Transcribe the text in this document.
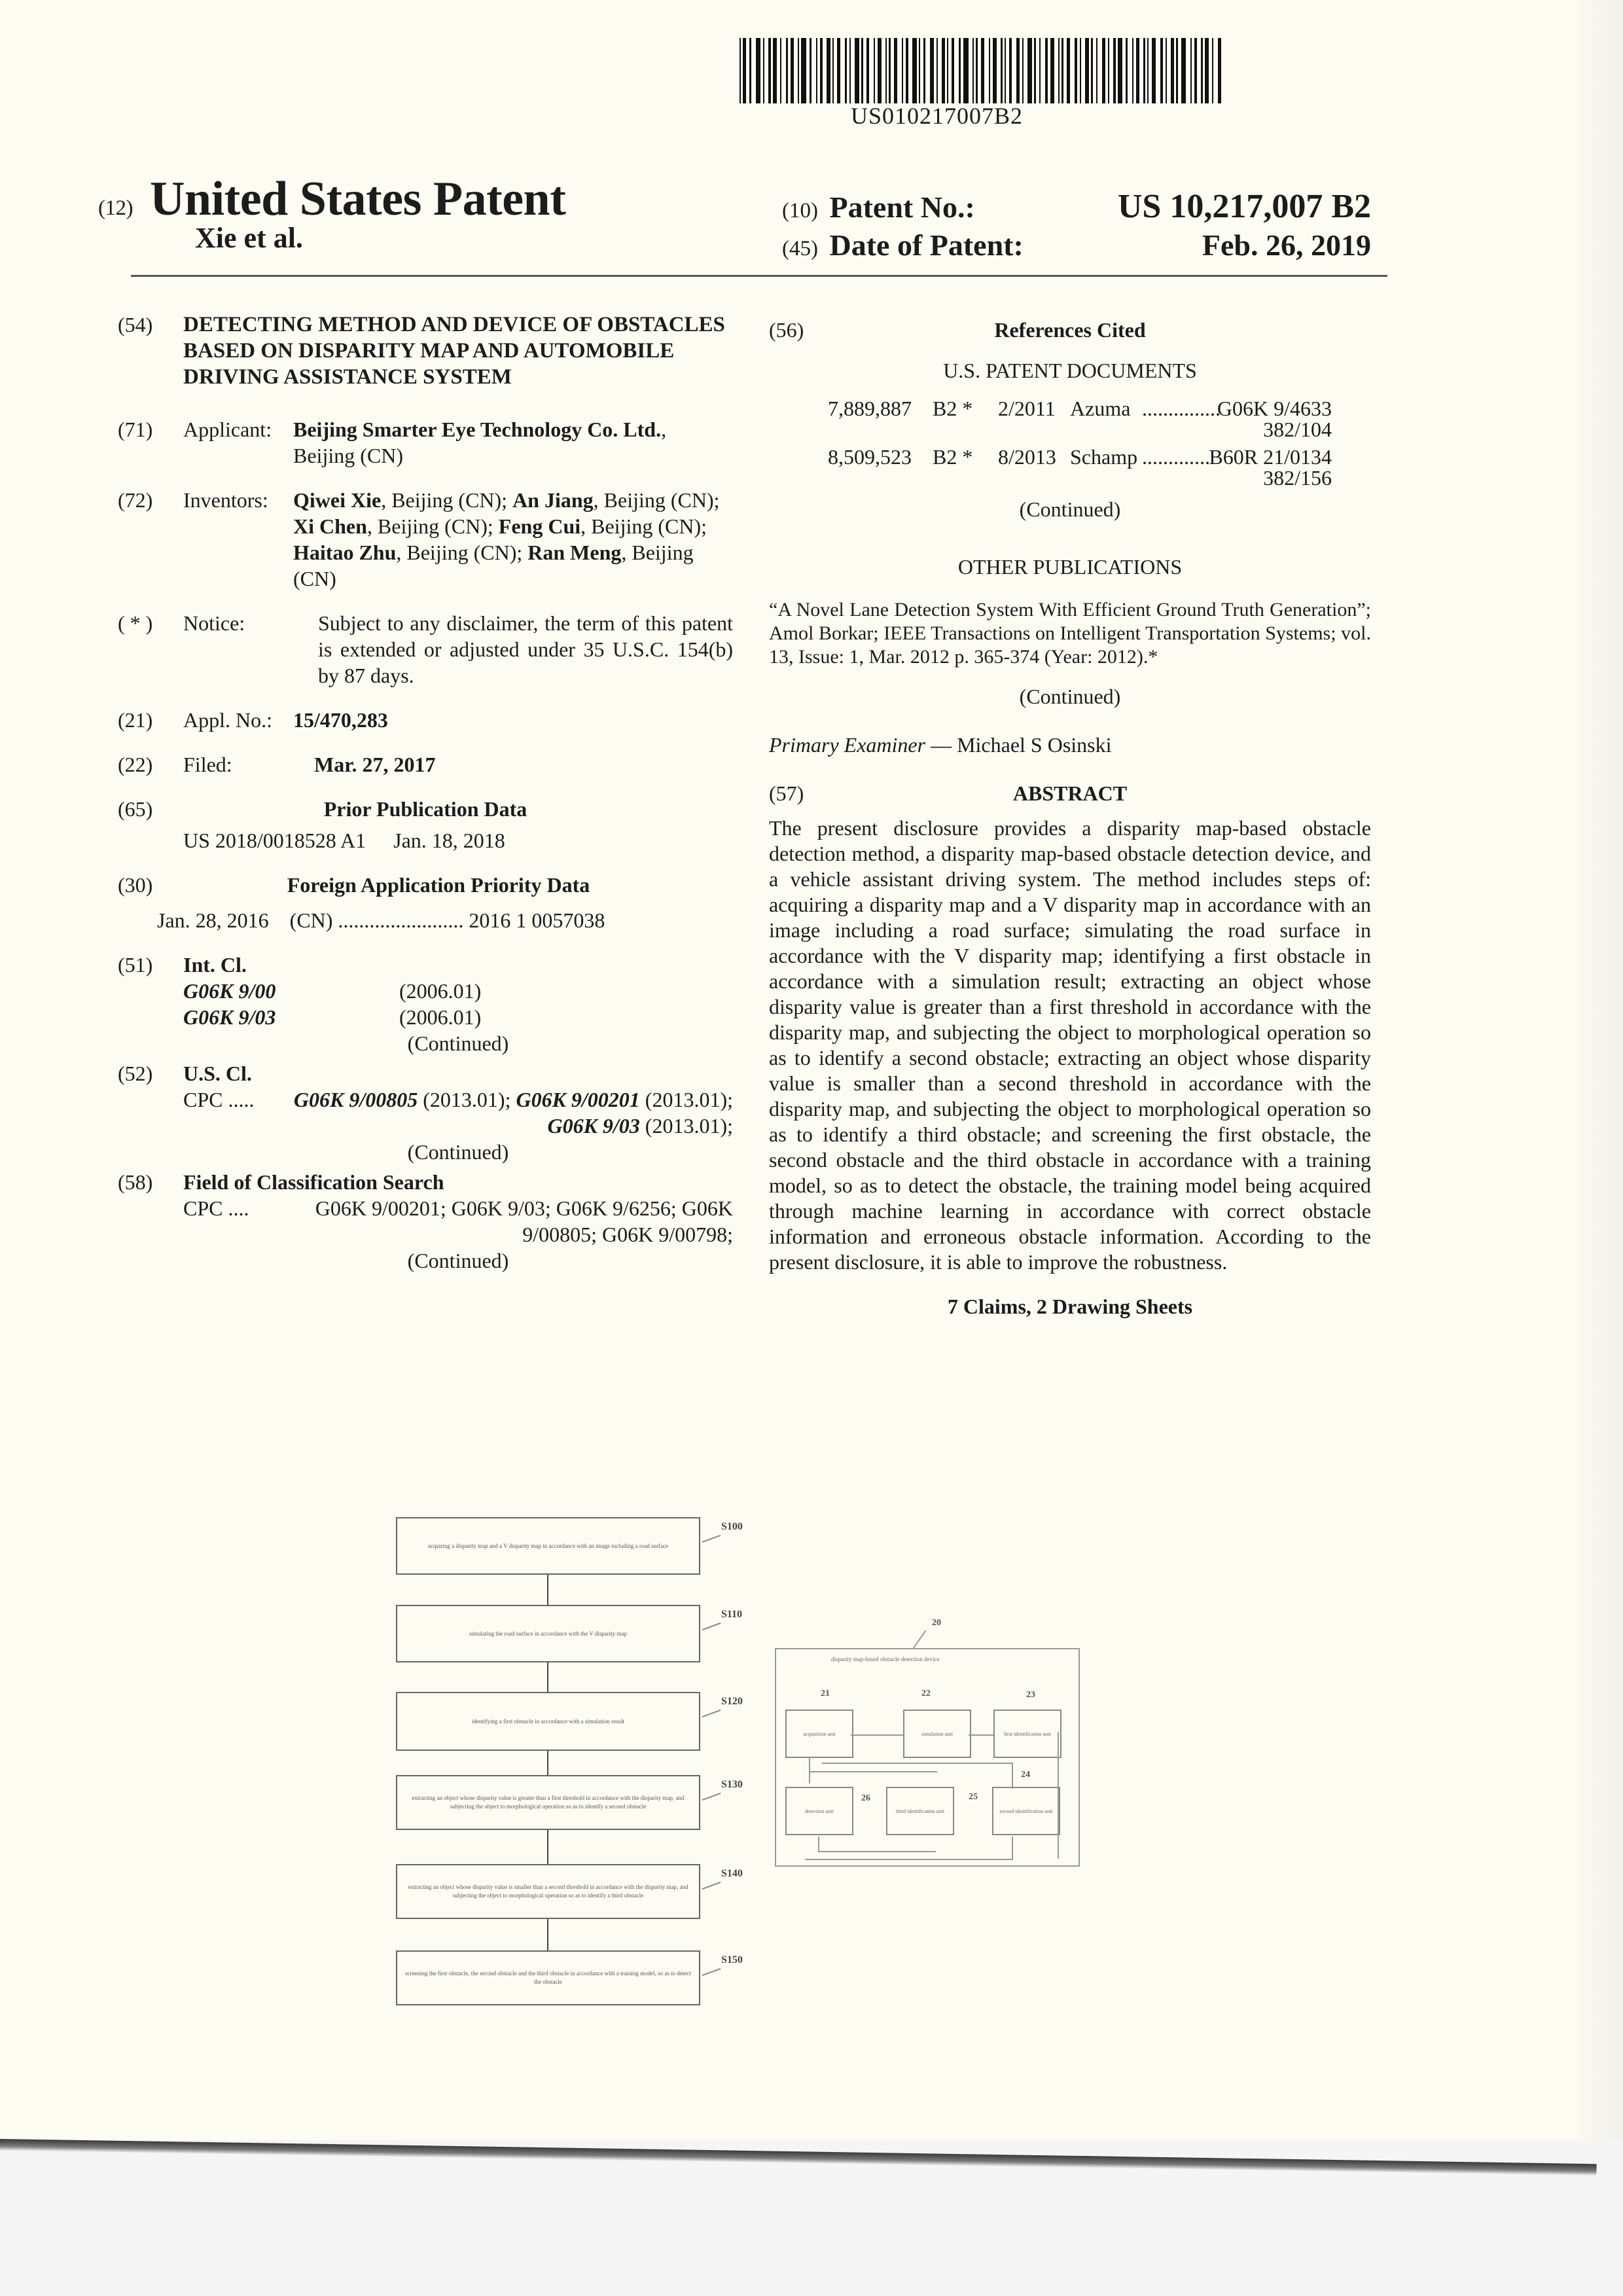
US010217007B2
(12) United States Patent
Xie et al.
(10) Patent No.:	US 10,217,007 B2
(45) Date of Patent:	Feb. 26, 2019
(54)	DETECTING METHOD AND DEVICE OF OBSTACLES BASED ON DISPARITY MAP AND AUTOMOBILE DRIVING ASSISTANCE SYSTEM
(71)	Applicant: Beijing Smarter Eye Technology Co. Ltd., Beijing (CN)
(72)	Inventors: Qiwei Xie, Beijing (CN); An Jiang, Beijing (CN); Xi Chen, Beijing (CN); Feng Cui, Beijing (CN); Haitao Zhu, Beijing (CN); Ran Meng, Beijing (CN)
( * )	Notice:	Subject to any disclaimer, the term of this patent is extended or adjusted under 35 U.S.C. 154(b) by 87 days.
(21)	Appl. No.: 15/470,283
(22)	Filed:	Mar. 27, 2017
(65)	Prior Publication Data
US 2018/0018528 A1 Jan. 18, 2018
(30)	Foreign Application Priority Data
Jan. 28, 2016 (CN) ........................ 2016 1 0057038
(51)	Int. Cl.
G06K 9/00	(2006.01)
G06K 9/03	(2006.01)
(Continued)
(52)	U.S. Cl.
CPC ..... G06K 9/00805 (2013.01); G06K 9/00201 (2013.01); G06K 9/03 (2013.01);
(Continued)
(58)	Field of Classification Search
CPC ....	G06K 9/00201; G06K 9/03; G06K 9/6256; G06K 9/00805; G06K 9/00798;
(Continued)
(56)	References Cited
U.S. PATENT DOCUMENTS
7,889,887 B2 * 2/2011 Azuma ...............
G06K 9/4633
382/104
8,509,523 B2 * 8/2013 Schamp .............
B60R 21/0134
382/156
(Continued)
OTHER PUBLICATIONS
“A Novel Lane Detection System With Efficient Ground Truth Generation”; Amol Borkar; IEEE Transactions on Intelligent Transportation Systems; vol. 13, Issue: 1, Mar. 2012 p. 365-374 (Year: 2012).*
(Continued)
Primary Examiner — Michael S Osinski
(57)	ABSTRACT
The present disclosure provides a disparity map-based obstacle detection method, a disparity map-based obstacle detection device, and a vehicle assistant driving system. The method includes steps of: acquiring a disparity map and a V disparity map in accordance with an image including a road surface; simulating the road surface in accordance with the V disparity map; identifying a first obstacle in accordance with a simulation result; extracting an object whose disparity value is greater than a first threshold in accordance with the disparity map, and subjecting the object to morphological operation so as to identify a second obstacle; extracting an object whose disparity value is smaller than a second threshold in accordance with the disparity map, and subjecting the object to morphological operation so as to identify a third obstacle; and screening the first obstacle, the second obstacle and the third obstacle in accordance with a training model, so as to detect the obstacle, the training model being acquired through machine learning in accordance with correct obstacle information and erroneous obstacle information. According to the present disclosure, it is able to improve the robustness.
7 Claims, 2 Drawing Sheets
acquiring a disparity map and a V disparity map in accordance with an image including a road surface
S100
simulating the road surface in accordance with the V disparity map
S110
identifying a first obstacle in accordance with a simulation result
S120
extracting an object whose disparity value is greater than a first threshold in accordance with the disparity map, and subjecting the object to morphological operation so as to identify a second obstacle
S130
extracting an object whose disparity value is smaller than a second threshold in accordance with the disparity map, and subjecting the object to morphological operation so as to identify a third obstacle
S140
screening the first obstacle, the second obstacle and the third obstacle in accordance with a training model, so as to detect the obstacle
S150
20
disparity map-based obstacle detection device
acquisition unit
21
simulation unit
22
first identification unit
23
second identification unit
24
third identification unit
25
detection unit
26
